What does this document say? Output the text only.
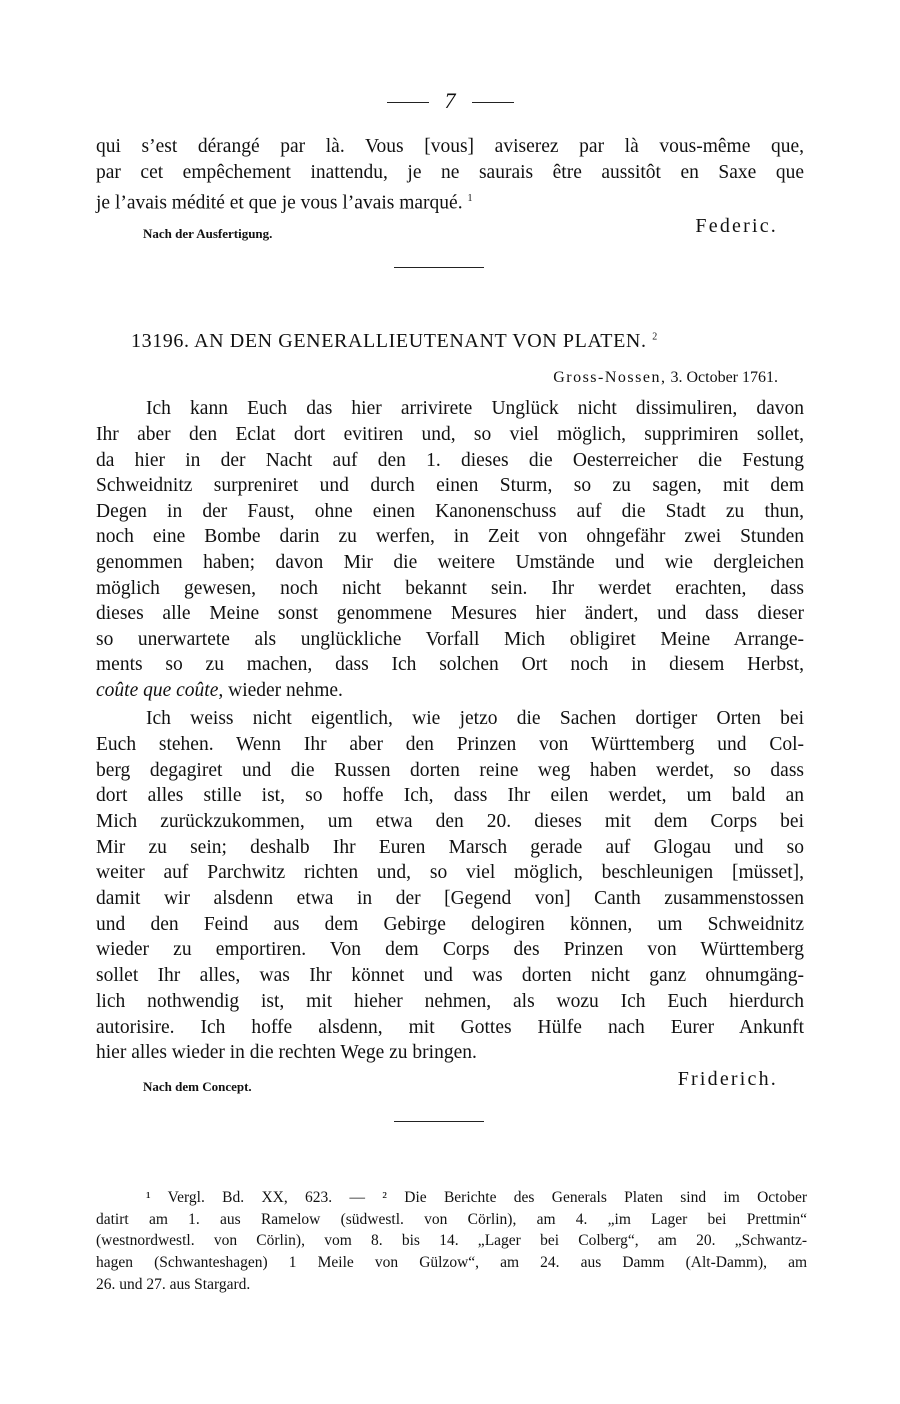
7
qui s’est dérangé par là. Vous [vous] aviserez par là vous-même que,
par cet empêchement inattendu, je ne saurais être aussitôt en Saxe que
je l’avais médité et que je vous l’avais marqué. $^1$
Nach der Ausfertigung.	Federic.
13196. AN DEN GENERALLIEUTENANT VON PLATEN. $^2$
Gross-Nossen, 3. October 1761.
Ich kann Euch das hier arrivirete Unglück nicht dissimuliren, davon
Ihr aber den Eclat dort evitiren und, so viel möglich, supprimiren sollet,
da hier in der Nacht auf den 1. dieses die Oesterreicher die Festung
Schweidnitz surpreniret und durch einen Sturm, so zu sagen, mit dem
Degen in der Faust, ohne einen Kanonenschuss auf die Stadt zu thun,
noch eine Bombe darin zu werfen, in Zeit von ohngefähr zwei Stunden
genommen haben; davon Mir die weitere Umstände und wie dergleichen
möglich gewesen, noch nicht bekannt sein. Ihr werdet erachten, dass
dieses alle Meine sonst genommene Mesures hier ändert, und dass dieser
so unerwartete als unglückliche Vorfall Mich obligiret Meine Arrange-
ments so zu machen, dass Ich solchen Ort noch in diesem Herbst,
coûte que coûte, wieder nehme.
Ich weiss nicht eigentlich, wie jetzo die Sachen dortiger Orten bei
Euch stehen. Wenn Ihr aber den Prinzen von Württemberg und Col-
berg degagiret und die Russen dorten reine weg haben werdet, so dass
dort alles stille ist, so hoffe Ich, dass Ihr eilen werdet, um bald an
Mich zurückzukommen, um etwa den 20. dieses mit dem Corps bei
Mir zu sein; deshalb Ihr Euren Marsch gerade auf Glogau und so
weiter auf Parchwitz richten und, so viel möglich, beschleunigen [müsset],
damit wir alsdenn etwa in der [Gegend von] Canth zusammenstossen
und den Feind aus dem Gebirge delogiren können, um Schweidnitz
wieder zu emportiren. Von dem Corps des Prinzen von Württemberg
sollet Ihr alles, was Ihr könnet und was dorten nicht ganz ohnumgäng-
lich nothwendig ist, mit hieher nehmen, als wozu Ich Euch hierdurch
autorisire. Ich hoffe alsdenn, mit Gottes Hülfe nach Eurer Ankunft
hier alles wieder in die rechten Wege zu bringen.
Nach dem Concept.	Friderich.
¹ Vergl. Bd. XX, 623. — ² Die Berichte des Generals Platen sind im October
datirt am 1. aus Ramelow (südwestl. von Cörlin), am 4. „im Lager bei Prettmin“
(westnordwestl. von Cörlin), vom 8. bis 14. „Lager bei Colberg“, am 20. „Schwantz-
hagen (Schwanteshagen) 1 Meile von Gülzow“, am 24. aus Damm (Alt-Damm), am
26. und 27. aus Stargard.
